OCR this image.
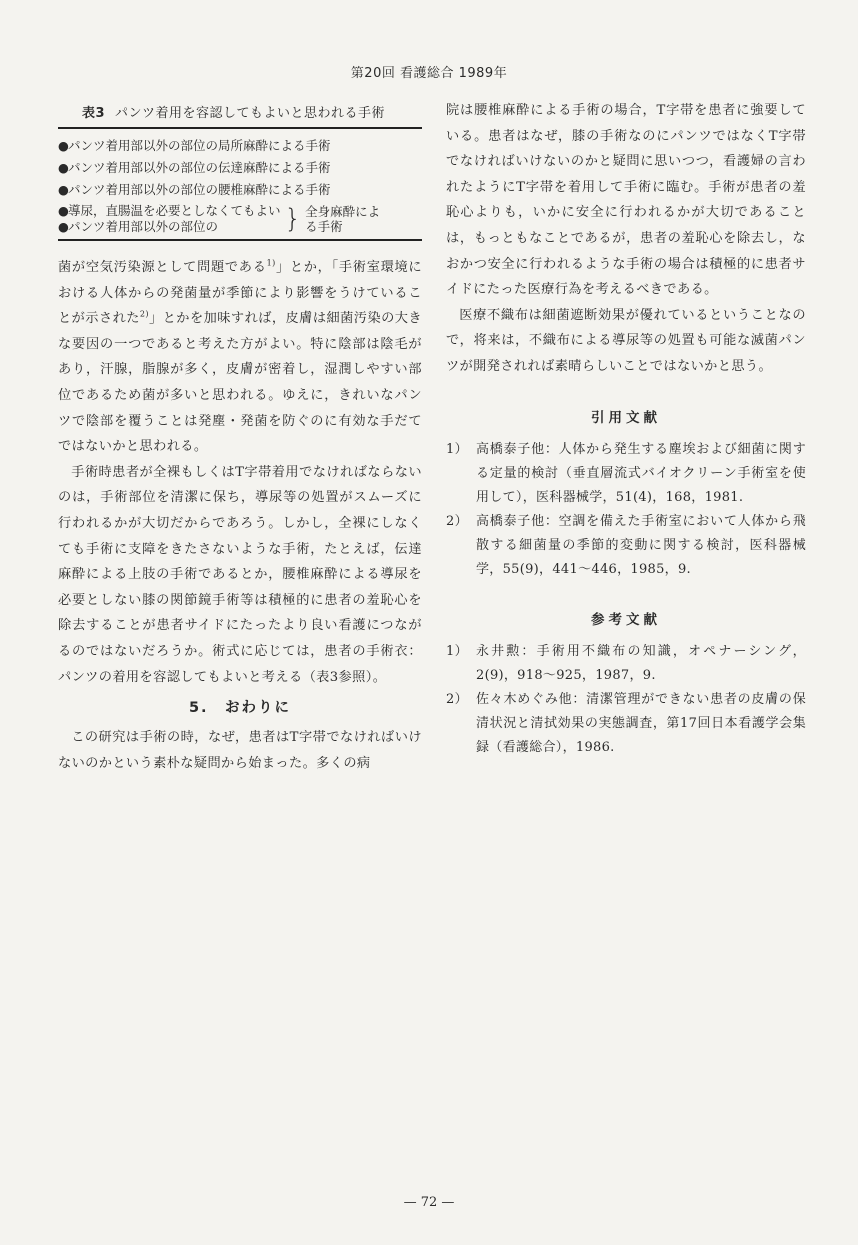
第20回 看護総合 1989年
表3 パンツ着用を容認してもよいと思われる手術
●パンツ着用部以外の部位の局所麻酔による手術
●パンツ着用部以外の部位の伝達麻酔による手術
●パンツ着用部以外の部位の腰椎麻酔による手術
●導尿，直腸温を必要としなくてもよい
●パンツ着用部以外の部位の	} 全身麻酔によ
る手術

菌が空気汚染源として問題である$^{1)}$」とか，「手術室環境における人体からの発菌量が季節により影響をうけていることが示された$^{2)}$」とかを加味すれば，皮膚は細菌汚染の大きな要因の一つであると考えた方がよい。特に陰部は陰毛があり，汗腺，脂腺が多く，皮膚が密着し，湿潤しやすい部位であるため菌が多いと思われる。ゆえに，きれいなパンツで陰部を覆うことは発塵・発菌を防ぐのに有効な手だてではないかと思われる。

手術時患者が全裸もしくはT字帯着用でなければならないのは，手術部位を清潔に保ち，導尿等の処置がスムーズに行われるかが大切だからであろう。しかし，全裸にしなくても手術に支障をきたさないような手術，たとえば，伝達麻酔による上肢の手術であるとか，腰椎麻酔による導尿を必要としない膝の関節鏡手術等は積極的に患者の羞恥心を除去することが患者サイドにたったより良い看護につながるのではないだろうか。術式に応じては，患者の手術衣：パンツの着用を容認してもよいと考える（表3参照）。

5.　おわりに

この研究は手術の時，なぜ，患者はT字帯でなければいけないのかという素朴な疑問から始まった。多くの病

院は腰椎麻酔による手術の場合，T字帯を患者に強要している。患者はなぜ，膝の手術なのにパンツではなくT字帯でなければいけないのかと疑問に思いつつ，看護婦の言われたようにT字帯を着用して手術に臨む。手術が患者の羞恥心よりも，いかに安全に行われるかが大切であることは，もっともなことであるが，患者の羞恥心を除去し，なおかつ安全に行われるような手術の場合は積極的に患者サイドにたった医療行為を考えるべきである。

医療不織布は細菌遮断効果が優れているということなので，将来は，不織布による導尿等の処置も可能な滅菌パンツが開発されれば素晴らしいことではないかと思う。

引用文献
1） 高橋泰子他：人体から発生する塵埃および細菌に関する定量的検討（垂直層流式バイオクリーン手術室を使用して），医科器械学，51(4)，168，1981.
2） 高橋泰子他：空調を備えた手術室において人体から飛散する細菌量の季節的変動に関する検討，医科器械学，55(9)，441〜446，1985，9.
参考文献
1） 永井勲：手術用不織布の知識，オペナーシング，2(9)，918〜925，1987，9.
2） 佐々木めぐみ他：清潔管理ができない患者の皮膚の保清状況と清拭効果の実態調査，第17回日本看護学会集録（看護総合），1986.
— 72 —
